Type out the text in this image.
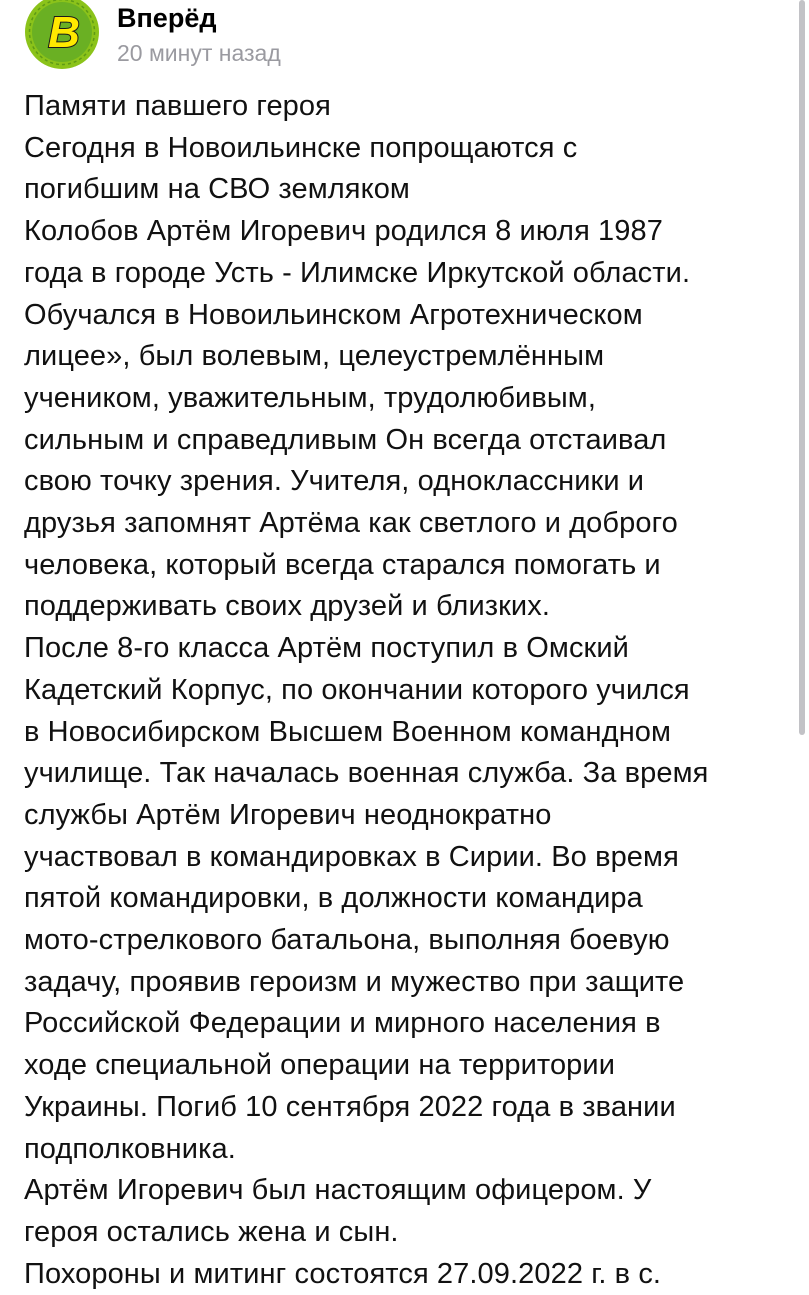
В Вперёд
20 минут назад
Памяти павшего героя
Сегодня в Новоильинске попрощаются с
погибшим на СВО земляком
Колобов Артём Игоревич родился 8 июля 1987
года в городе Усть - Илимске Иркутской области.
Обучался в Новоильинском Агротехническом
лицее», был волевым, целеустремлённым
учеником, уважительным, трудолюбивым,
сильным и справедливым Он всегда отстаивал
свою точку зрения. Учителя, одноклассники и
друзья запомнят Артёма как светлого и доброго
человека, который всегда старался помогать и
поддерживать своих друзей и близких.
После 8-го класса Артём поступил в Омский
Кадетский Корпус, по окончании которого учился
в Новосибирском Высшем Военном командном
училище. Так началась военная служба. За время
службы Артём Игоревич неоднократно
участвовал в командировках в Сирии. Во время
пятой командировки, в должности командира
мото-стрелкового батальона, выполняя боевую
задачу, проявив героизм и мужество при защите
Российской Федерации и мирного населения в
ходе специальной операции на территории
Украины. Погиб 10 сентября 2022 года в звании
подполковника.
Артём Игоревич был настоящим офицером. У
героя остались жена и сын.
Похороны и митинг состоятся 27.09.2022 г. в с.
